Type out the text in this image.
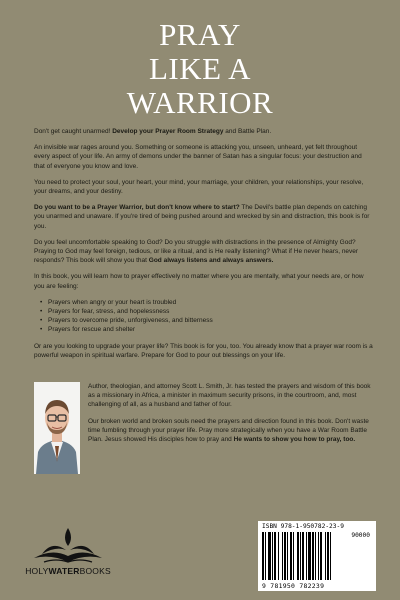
PRAY
LIKE A
WARRIOR

Don't get caught unarmed! Develop your Prayer Room Strategy and Battle Plan.

An invisible war rages around you. Something or someone is attacking you, unseen, unheard, yet felt throughout every aspect of your life. An army of demons under the banner of Satan has a singular focus: your destruction and that of everyone you know and love.

You need to protect your soul, your heart, your mind, your marriage, your children, your relationships, your resolve, your dreams, and your destiny.

Do you want to be a Prayer Warrior, but don't know where to start? The Devil's battle plan depends on catching you unarmed and unaware. If you're tired of being pushed around and wrecked by sin and distraction, this book is for you.

Do you feel uncomfortable speaking to God? Do you struggle with distractions in the presence of Almighty God? Praying to God may feel foreign, tedious, or like a ritual, and is He really listening? What if He never hears, never responds? This book will show you that God always listens and always answers.

In this book, you will learn how to prayer effectively no matter where you are mentally, what your needs are, or how you are feeling:

• Prayers when angry or your heart is troubled
• Prayers for fear, stress, and hopelessness
• Prayers to overcome pride, unforgiveness, and bitterness
• Prayers for rescue and shelter

Or are you looking to upgrade your prayer life? This book is for you, too. You already know that a prayer war room is a powerful weapon in spiritual warfare. Prepare for God to pour out blessings on your life.

Author, theologian, and attorney Scott L. Smith, Jr. has tested the prayers and wisdom of this book as a missionary in Africa, a minister in maximum security prisons, in the courtroom, and, most challenging of all, as a husband and father of four.

Our broken world and broken souls need the prayers and direction found in this book. Don't waste time fumbling through your prayer life. Pray more strategically when you have a War Room Battle Plan. Jesus showed His disciples how to pray and He wants to show you how to pray, too.

HOLYWATERBOOKS
ISBN 978-1-950782-23-9
90000
9 781950 782239
